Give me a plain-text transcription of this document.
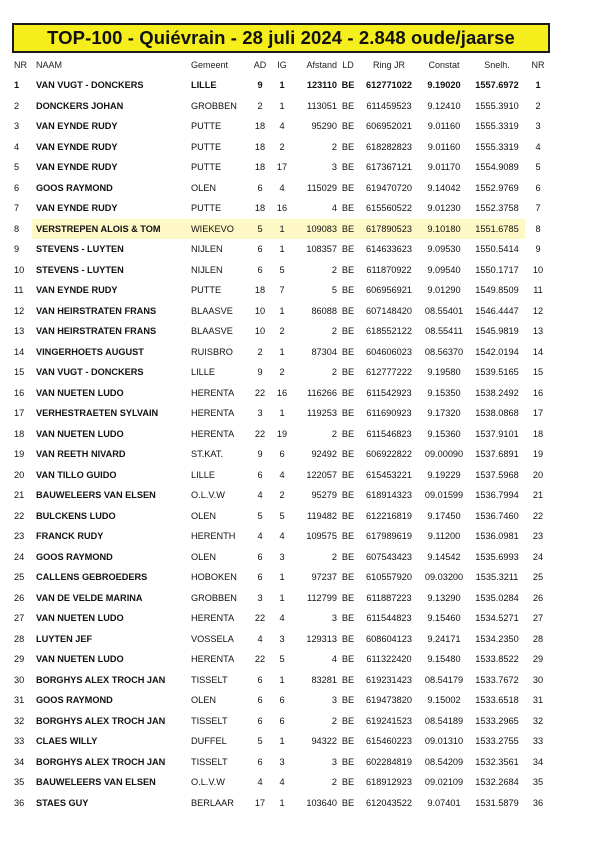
TOP-100 - Quiévrain - 28 juli 2024 - 2.848 oude/jaarse
NR	NAAM	Gemeent	AD	IG	Afstand	LD	Ring JR	Constat	Snelh.	NR
1	VAN VUGT - DONCKERS	LILLE	9	1	123110	BE	612771022	9.19020	1557.6972	1
2	DONCKERS JOHAN	GROBBEN	2	1	113051	BE	611459523	9.12410	1555.3910	2
3	VAN EYNDE RUDY	PUTTE	18	4	95290	BE	606952021	9.01160	1555.3319	3
4	VAN EYNDE RUDY	PUTTE	18	2	2	BE	618282823	9.01160	1555.3319	4
5	VAN EYNDE RUDY	PUTTE	18	17	3	BE	617367121	9.01170	1554.9089	5
6	GOOS RAYMOND	OLEN	6	4	115029	BE	619470720	9.14042	1552.9769	6
7	VAN EYNDE RUDY	PUTTE	18	16	4	BE	615560522	9.01230	1552.3758	7
8	VERSTREPEN ALOIS & TOM	WIEKEVO	5	1	109083	BE	617890523	9.10180	1551.6785	8
9	STEVENS - LUYTEN	NIJLEN	6	1	108357	BE	614633623	9.09530	1550.5414	9
10	STEVENS - LUYTEN	NIJLEN	6	5	2	BE	611870922	9.09540	1550.1717	10
11	VAN EYNDE RUDY	PUTTE	18	7	5	BE	606956921	9.01290	1549.8509	11
12	VAN HEIRSTRATEN FRANS	BLAASVE	10	1	86088	BE	607148420	08.55401	1546.4447	12
13	VAN HEIRSTRATEN FRANS	BLAASVE	10	2	2	BE	618552122	08.55411	1545.9819	13
14	VINGERHOETS AUGUST	RUISBRO	2	1	87304	BE	604606023	08.56370	1542.0194	14
15	VAN VUGT - DONCKERS	LILLE	9	2	2	BE	612777222	9.19580	1539.5165	15
16	VAN NUETEN LUDO	HERENTA	22	16	116266	BE	611542923	9.15350	1538.2492	16
17	VERHESTRAETEN SYLVAIN	HERENTA	3	1	119253	BE	611690923	9.17320	1538.0868	17
18	VAN NUETEN LUDO	HERENTA	22	19	2	BE	611546823	9.15360	1537.9101	18
19	VAN REETH NIVARD	ST.KAT.	9	6	92492	BE	606922822	09.00090	1537.6891	19
20	VAN TILLO GUIDO	LILLE	6	4	122057	BE	615453221	9.19229	1537.5968	20
21	BAUWELEERS VAN ELSEN	O.L.V.W	4	2	95279	BE	618914323	09.01599	1536.7994	21
22	BULCKENS LUDO	OLEN	5	5	119482	BE	612216819	9.17450	1536.7460	22
23	FRANCK RUDY	HERENTH	4	4	109575	BE	617989619	9.11200	1536.0981	23
24	GOOS RAYMOND	OLEN	6	3	2	BE	607543423	9.14542	1535.6993	24
25	CALLENS GEBROEDERS	HOBOKEN	6	1	97237	BE	610557920	09.03200	1535.3211	25
26	VAN DE VELDE MARINA	GROBBEN	3	1	112799	BE	611887223	9.13290	1535.0284	26
27	VAN NUETEN LUDO	HERENTA	22	4	3	BE	611544823	9.15460	1534.5271	27
28	LUYTEN JEF	VOSSELA	4	3	129313	BE	608604123	9.24171	1534.2350	28
29	VAN NUETEN LUDO	HERENTA	22	5	4	BE	611322420	9.15480	1533.8522	29
30	BORGHYS ALEX TROCH JAN	TISSELT	6	1	83281	BE	619231423	08.54179	1533.7672	30
31	GOOS RAYMOND	OLEN	6	6	3	BE	619473820	9.15002	1533.6518	31
32	BORGHYS ALEX TROCH JAN	TISSELT	6	6	2	BE	619241523	08.54189	1533.2965	32
33	CLAES WILLY	DUFFEL	5	1	94322	BE	615460223	09.01310	1533.2755	33
34	BORGHYS ALEX TROCH JAN	TISSELT	6	3	3	BE	602284819	08.54209	1532.3561	34
35	BAUWELEERS VAN ELSEN	O.L.V.W	4	4	2	BE	618912923	09.02109	1532.2684	35
36	STAES GUY	BERLAAR	17	1	103640	BE	612043522	9.07401	1531.5879	36
